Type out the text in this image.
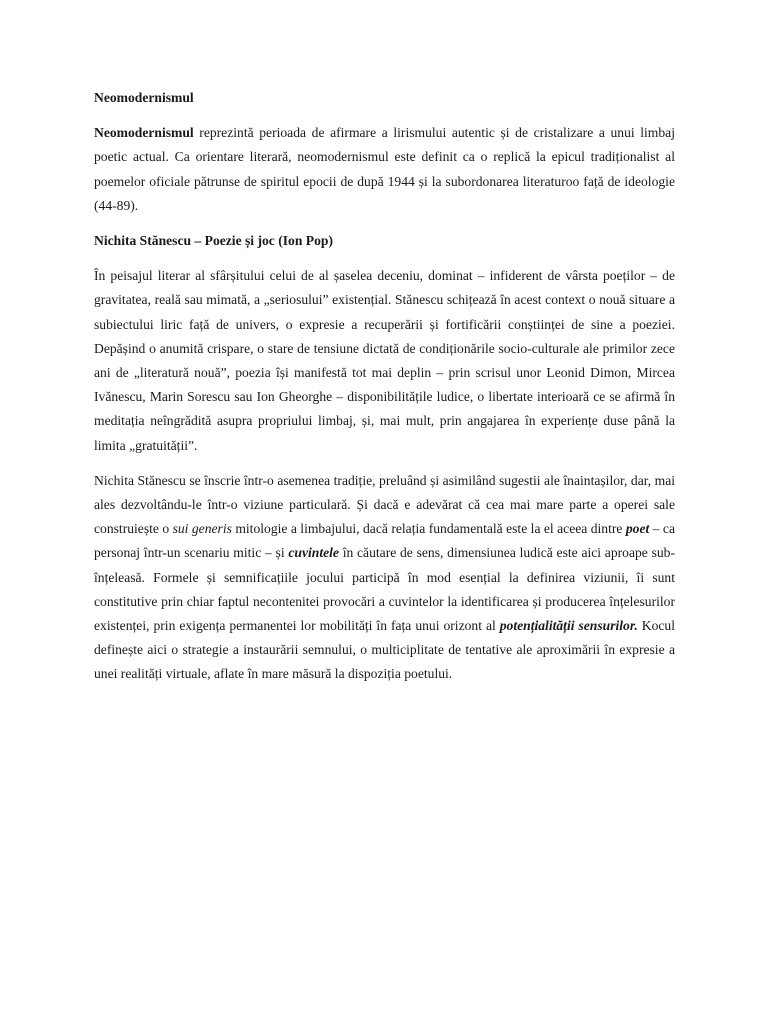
Neomodernismul

Neomodernismul reprezintă perioada de afirmare a lirismului autentic și de cristalizare a unui limbaj poetic actual. Ca orientare literară, neomodernismul este definit ca o replică la epicul tradiționalist al poemelor oficiale pătrunse de spiritul epocii de după 1944 și la subordonarea literaturoo față de ideologie (44-89).

Nichita Stănescu – Poezie și joc (Ion Pop)

În peisajul literar al sfârșitului celui de al șaselea deceniu, dominat – infiderent de vârsta poeților – de gravitatea, reală sau mimată, a „seriosului” existențial. Stănescu schițează în acest context o nouă situare a subiectului liric față de univers, o expresie a recuperării și fortificării conștiinței de sine a poeziei. Depășind o anumită crispare, o stare de tensiune dictată de condiționările socio-culturale ale primilor zece ani de „literatură nouă”, poezia își manifestă tot mai deplin – prin scrisul unor Leonid Dimon, Mircea Ivănescu, Marin Sorescu sau Ion Gheorghe – disponibilitățile ludice, o libertate interioară ce se afirmă în meditația neîngrădită asupra propriului limbaj, și, mai mult, prin angajarea în experiențe duse până la limita „gratuității”.

Nichita Stănescu se înscrie într-o asemenea tradiție, preluând și asimilând sugestii ale înaintașilor, dar, mai ales dezvoltându-le într-o viziune particulară. Și dacă e adevărat că cea mai mare parte a operei sale construiește o sui generis mitologie a limbajului, dacă relația fundamentală este la el aceea dintre poet – ca personaj într-un scenariu mitic – și cuvintele în căutare de sens, dimensiunea ludică este aici aproape sub-înțeleasă. Formele și semnificațiile jocului participă în mod esențial la definirea viziunii, îi sunt constitutive prin chiar faptul necontenitei provocări a cuvintelor la identificarea și producerea înțelesurilor existenței, prin exigența permanentei lor mobilități în fața unui orizont al potențialității sensurilor. Kocul definește aici o strategie a instaurării semnului, o multiciplitate de tentative ale aproximării în expresie a unei realități virtuale, aflate în mare măsură la dispoziția poetului.
